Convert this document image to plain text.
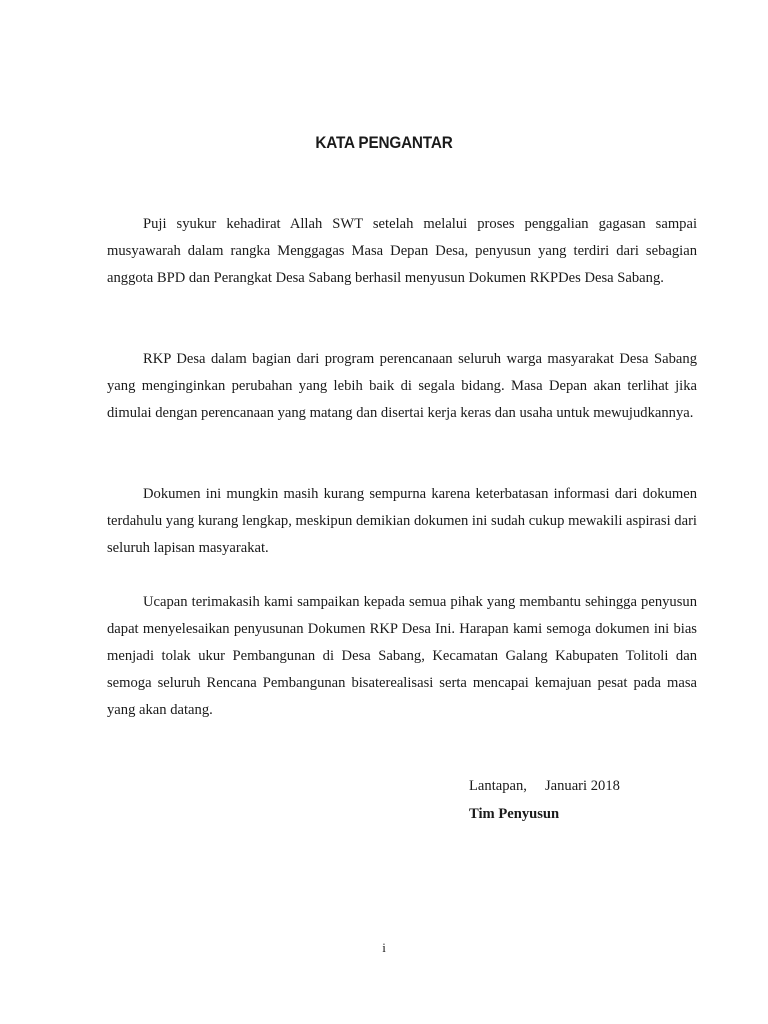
KATA PENGANTAR

Puji syukur kehadirat Allah SWT setelah melalui proses penggalian gagasan sampai musyawarah dalam rangka Menggagas Masa Depan Desa, penyusun yang terdiri dari sebagian anggota BPD dan Perangkat Desa Sabang berhasil menyusun Dokumen RKPDes Desa Sabang.

RKP Desa dalam bagian dari program perencanaan seluruh warga masyarakat Desa Sabang yang menginginkan perubahan yang lebih baik di segala bidang. Masa Depan akan terlihat jika dimulai dengan perencanaan yang matang dan disertai kerja keras dan usaha untuk mewujudkannya.

Dokumen ini mungkin masih kurang sempurna karena keterbatasan informasi dari dokumen terdahulu yang kurang lengkap, meskipun demikian dokumen ini sudah cukup mewakili aspirasi dari seluruh lapisan masyarakat.

Ucapan terimakasih kami sampaikan kepada semua pihak yang membantu sehingga penyusun dapat menyelesaikan penyusunan Dokumen RKP Desa Ini. Harapan kami semoga dokumen ini bias menjadi tolak ukur Pembangunan di Desa Sabang, Kecamatan Galang Kabupaten Tolitoli dan semoga seluruh Rencana Pembangunan bisaterealisasi serta mencapai kemajuan pesat pada masa yang akan datang.

Lantapan, Januari 2018
Tim Penyusun
i
